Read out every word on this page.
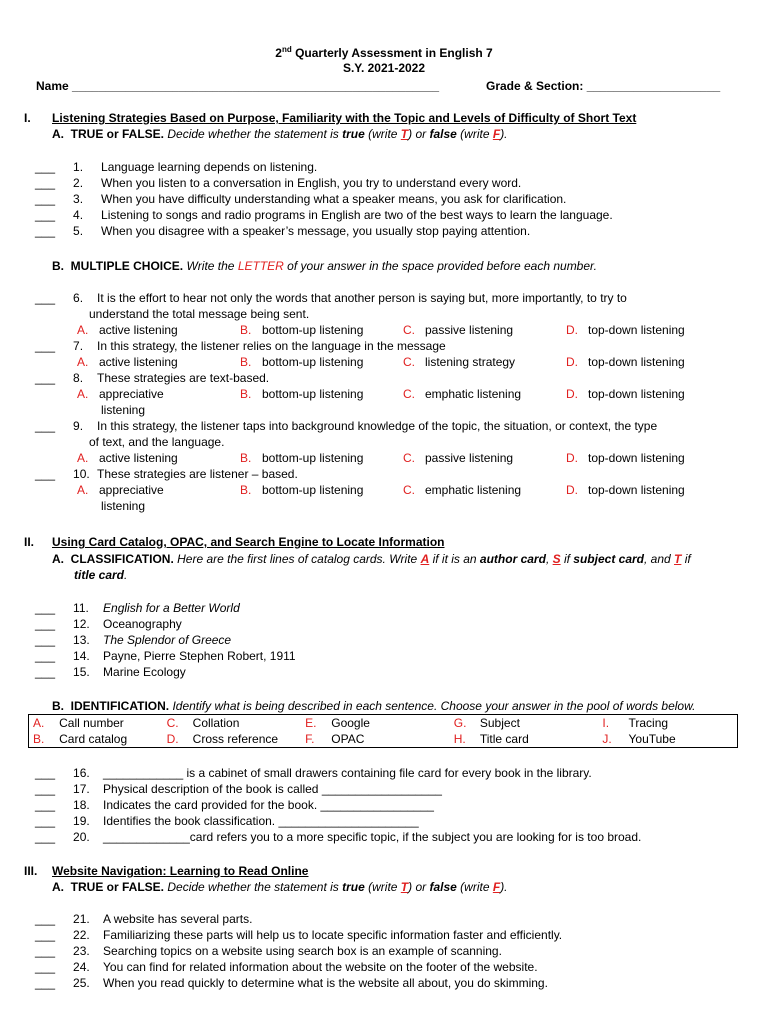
2nd Quarterly Assessment in English 7
S.Y. 2021-2022
Name _______________________________________________________	Grade & Section: ____________________
I. Listening Strategies Based on Purpose, Familiarity with the Topic and Levels of Difficulty of Short Text
A. TRUE or FALSE. Decide whether the statement is true (write T) or false (write F).
___ 1. Language learning depends on listening.
___ 2. When you listen to a conversation in English, you try to understand every word.
___ 3. When you have difficulty understanding what a speaker means, you ask for clarification.
___ 4. Listening to songs and radio programs in English are two of the best ways to learn the language.
___ 5. When you disagree with a speaker’s message, you usually stop paying attention.
B. MULTIPLE CHOICE. Write the LETTER of your answer in the space provided before each number.
___ 6. It is the effort to hear not only the words that another person is saying but, more importantly, to try to
understand the total message being sent.
A. active listening	B. bottom-up listening	C. passive listening	D. top-down listening
___ 7. In this strategy, the listener relies on the language in the message
A. active listening	B. bottom-up listening	C. listening strategy	D. top-down listening
___ 8. These strategies are text-based.
A. appreciative	B. bottom-up listening	C. emphatic listening	D. top-down listening
listening
___ 9. In this strategy, the listener taps into background knowledge of the topic, the situation, or context, the type
of text, and the language.
A. active listening	B. bottom-up listening	C. passive listening	D. top-down listening
___ 10. These strategies are listener – based.
A. appreciative	B. bottom-up listening	C. emphatic listening	D. top-down listening
listening
II. Using Card Catalog, OPAC, and Search Engine to Locate Information
A. CLASSIFICATION. Here are the first lines of catalog cards. Write A if it is an author card, S if subject card, and T if
title card.
___ 11. English for a Better World
___ 12. Oceanography
___ 13. The Splendor of Greece
___ 14. Payne, Pierre Stephen Robert, 1911
___ 15. Marine Ecology
B. IDENTIFICATION. Identify what is being described in each sentence. Choose your answer in the pool of words below.
A.	Call number	C.	Collation	E.	Google	G.	Subject	I.	Tracing
B.	Card catalog	D.	Cross reference	F.	OPAC	H.	Title card	J.	YouTube
___ 16. ____________ is a cabinet of small drawers containing file card for every book in the library.
___ 17. Physical description of the book is called __________________
___ 18. Indicates the card provided for the book. _________________
___ 19. Identifies the book classification. _____________________
___ 20. _____________card refers you to a more specific topic, if the subject you are looking for is too broad.
III. Website Navigation: Learning to Read Online
A. TRUE or FALSE. Decide whether the statement is true (write T) or false (write F).
___ 21. A website has several parts.
___ 22. Familiarizing these parts will help us to locate specific information faster and efficiently.
___ 23. Searching topics on a website using search box is an example of scanning.
___ 24. You can find for related information about the website on the footer of the website.
___ 25. When you read quickly to determine what is the website all about, you do skimming.
